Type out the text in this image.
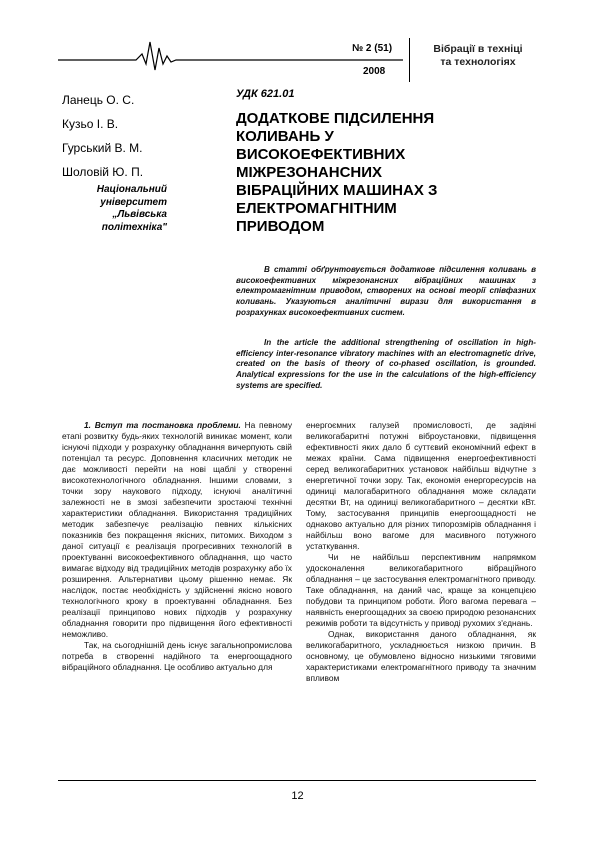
№ 2 (51)
2008
Вібрації в техніці
та технологіях
Ланець О. С.
Кузьо І. В.
Гурський В. М.
Шоловій Ю. П.
Національний
університет
„Львівська
політехніка"
УДК 621.01
ДОДАТКОВЕ ПІДСИЛЕННЯ
КОЛИВАНЬ У
ВИСОКОЕФЕКТИВНИХ
МІЖРЕЗОНАНСНИХ
ВІБРАЦІЙНИХ МАШИНАХ З
ЕЛЕКТРОМАГНІТНИМ
ПРИВОДОМ
В статті обґрунтовується додаткове підсилення коливань в високоефективних міжрезонансних вібраційних машинах з електромагнітним приводом, створених на основі теорії співфазних коливань. Указуються аналітичні вирази для використання в розрахунках високоефективних систем.
In the article the additional strengthening of oscillation in high-efficiency inter-resonance vibratory machines with an electromagnetic drive, created on the basis of theory of co-phased oscillation, is grounded. Analytical expressions for the use in the calculations of the high-efficiency systems are specified.

1. Вступ та постановка проблеми. На певному етапі розвитку будь-яких технологій виникає момент, коли існуючі підходи у розрахунку обладнання вичерпують свій потенціал та ресурс. Доповнення класичних методик не дає можливості перейти на нові щаблі у створенні високотехнологічного обладнання. Іншими словами, з точки зору наукового підходу, існуючі аналітичні залежності не в змозі забезпечити зростаючі технічні характеристики обладнання. Використання традиційних методик забезпечує реалізацію певних кількісних показників без покращення якісних, питомих. Виходом з даної ситуації є реалізація прогресивних технологій в проектуванні високоефективного обладнання, що часто вимагає відходу від традиційних методів розрахунку або їх розширення. Альтернативи цьому рішенню немає. Як наслідок, постає необхідність у здійсненні якісно нового технологічного кроку в проектуванні обладнання. Без реалізації принципово нових підходів у розрахунку обладнання говорити про підвищення його ефективності неможливо.

Так, на сьогоднішній день існує загальнопромислова потреба в створенні надійного та енергоощадного вібраційного обладнання. Це особливо актуально для

енергоємних галузей промисловості, де задіяні великогабаритні потужні віброустановки, підвищення ефективності яких дало б суттєвий економічний ефект в межах країни. Сама підвищення енергоефективності серед великогабаритних установок найбільш відчутне з енергетичної точки зору. Так, економія енергоресурсів на одиниці малогабаритного обладнання може складати десятки Вт, на одиниці великогабаритного – десятки кВт. Тому, застосування принципів енергоощадності не однаково актуально для різних типорозмірів обладнання і найбільш воно вагоме для масивного потужного устаткування.

Чи не найбільш перспективним напрямком удосконалення великогабаритного вібраційного обладнання – це застосування електромагнітного приводу. Таке обладнання, на даний час, краще за концепцією побудови та принципом роботи. Його вагома перевага – наявність енергоощадних за своєю природою резонансних режимів роботи та відсутність у приводі рухомих з'єднань.

Однак, використання даного обладнання, як великогабаритного, ускладнюється низкою причин. В основному, це обумовлено відносно низькими тяговими характеристиками електромагнітного приводу та значним впливом

12
